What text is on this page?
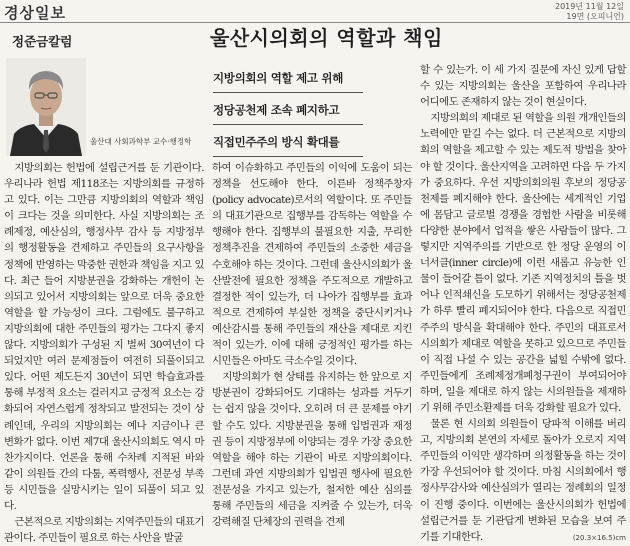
경상일보	2019년 11월 12일
19면 (오피니언)
정준금칼럼	울산시의회의 역할과 책임
울산대 사회과학부 교수·행정학
지방의회의 역할 제고 위해
정당공천제 조속 폐지하고
직접민주주의 방식 확대를

지방의회는 헌법에 설립근거를 둔 기관이다. 우리나라 헌법 제118조는 지방의회를 규정하고 있다. 이는 그만큼 지방의회의 역할과 책임이 크다는 것을 의미한다. 사실 지방의회는 조례제정, 예산심의, 행정사무 감사 등 지방정부의 행정활동을 견제하고 주민들의 요구사항을 정책에 반영하는 막중한 권한과 책임을 지고 있다. 최근 들어 지방분권을 강화하는 개헌이 논의되고 있어서 지방의회는 앞으로 더욱 중요한 역할을 할 가능성이 크다. 그럼에도 불구하고 지방의회에 대한 주민들의 평가는 그다지 좋지 않다. 지방의회가 구성된 지 벌써 30여년이 다되었지만 여러 문제점들이 여전히 되풀이되고 있다. 어떤 제도든지 30년이 되면 학습효과를 통해 부정적 요소는 걸러지고 긍정적 요소는 강화되어 자연스럽게 정착되고 발전되는 것이 상례인데, 우리의 지방의회는 예나 지금이나 큰 변화가 없다. 이번 제7대 울산시의회도 역시 마찬가지이다. 언론을 통해 수차례 지적된 바와 같이 의원들 간의 다툼, 폭력행사, 전문성 부족 등 시민들을 실망시키는 일이 되풀이 되고 있다.

근본적으로 지방의회는 지역주민들의 대표기관이다. 주민들이 필요로 하는 사안을 발굴

하여 이슈화하고 주민들의 이익에 도움이 되는 정책을 선도해야 한다. 이른바 정책주창자(policy advocate)로서의 역할이다. 또 주민들의 대표기관으로 집행부를 감독하는 역할을 수행해야 한다. 집행부의 불필요한 지출, 무리한 정책추진을 견제하여 주민들의 소중한 세금을 수호해야 하는 것이다. 그런데 울산시의회가 울산발전에 필요한 정책을 주도적으로 개발하고 결정한 적이 있는가, 더 나아가 집행부를 효과적으로 견제하여 부실한 정책을 중단시키거나 예산감시를 통해 주민들의 재산을 제대로 지킨 적이 있는가. 이에 대해 긍정적인 평가를 하는 시민들은 아마도 극소수일 것이다.

지방의회가 현 상태를 유지하는 한 앞으로 지방분권이 강화되어도 기대하는 성과를 거두기는 쉽지 않을 것이다. 오히려 더 큰 문제를 야기할 수도 있다. 지방분권을 통해 입법권과 재정권 등이 지방정부에 이양되는 경우 가장 중요한 역할을 해야 하는 기관이 바로 지방의회이다. 그런데 과연 지방의회가 입법권 행사에 필요한 전문성을 가지고 있는가, 철저한 예산 심의를 통해 주민들의 세금을 지켜줄 수 있는가, 더욱 강력해질 단체장의 권력을 견제

할 수 있는가. 이 세 가지 질문에 자신 있게 답할 수 있는 지방의회는 울산을 포함하여 우리나라 어디에도 존재하지 않는 것이 현실이다.

지방의회의 제대로 된 역할을 의원 개개인들의 노력에만 맡길 수는 없다. 더 근본적으로 지방의회의 역할을 제고할 수 있는 제도적 방법을 찾아야 할 것이다. 울산지역을 고려하면 다음 두 가지가 중요하다. 우선 지방의회의원 후보의 정당공천제를 폐지해야 한다. 울산에는 세계적인 기업에 몸담고 글로벌 경쟁을 경험한 사람을 비롯해 다양한 분야에서 업적을 쌓은 사람들이 많다. 그렇지만 지역주의를 기반으로 한 정당 운영의 이너서클(inner circle)에 이런 새롭고 유능한 인물이 들어갈 틈이 없다. 기존 지역정치의 틀을 벗어나 인적쇄신을 도모하기 위해서는 정당공천제가 하루 빨리 폐지되어야 한다. 다음으로 직접민주주의 방식을 확대해야 한다. 주민의 대표로서 시의회가 제대로 역할을 못하고 있으므로 주민들이 직접 나설 수 있는 공간을 넓힐 수밖에 없다. 주민들에게 조례제정개폐청구권이 부여되어야 하며, 일을 제대로 하지 않는 시의원들을 제재하기 위해 주민소환제를 더욱 강화할 필요가 있다.

물론 현 시의회 의원들이 당파적 이해를 버리고, 지방의회 본연의 자세로 돌아가 오로지 지역주민들의 이익만 생각하며 의정활동을 하는 것이 가장 우선되어야 할 것이다. 마침 시의회에서 행정사무감사와 예산심의가 열리는 정례회의 일정이 진행 중이다. 이번에는 울산시의회가 헌법에 설립근거를 둔 기관답게 변화된 모습을 보여 주기를 기대한다.	(20.3×16.5)cm
